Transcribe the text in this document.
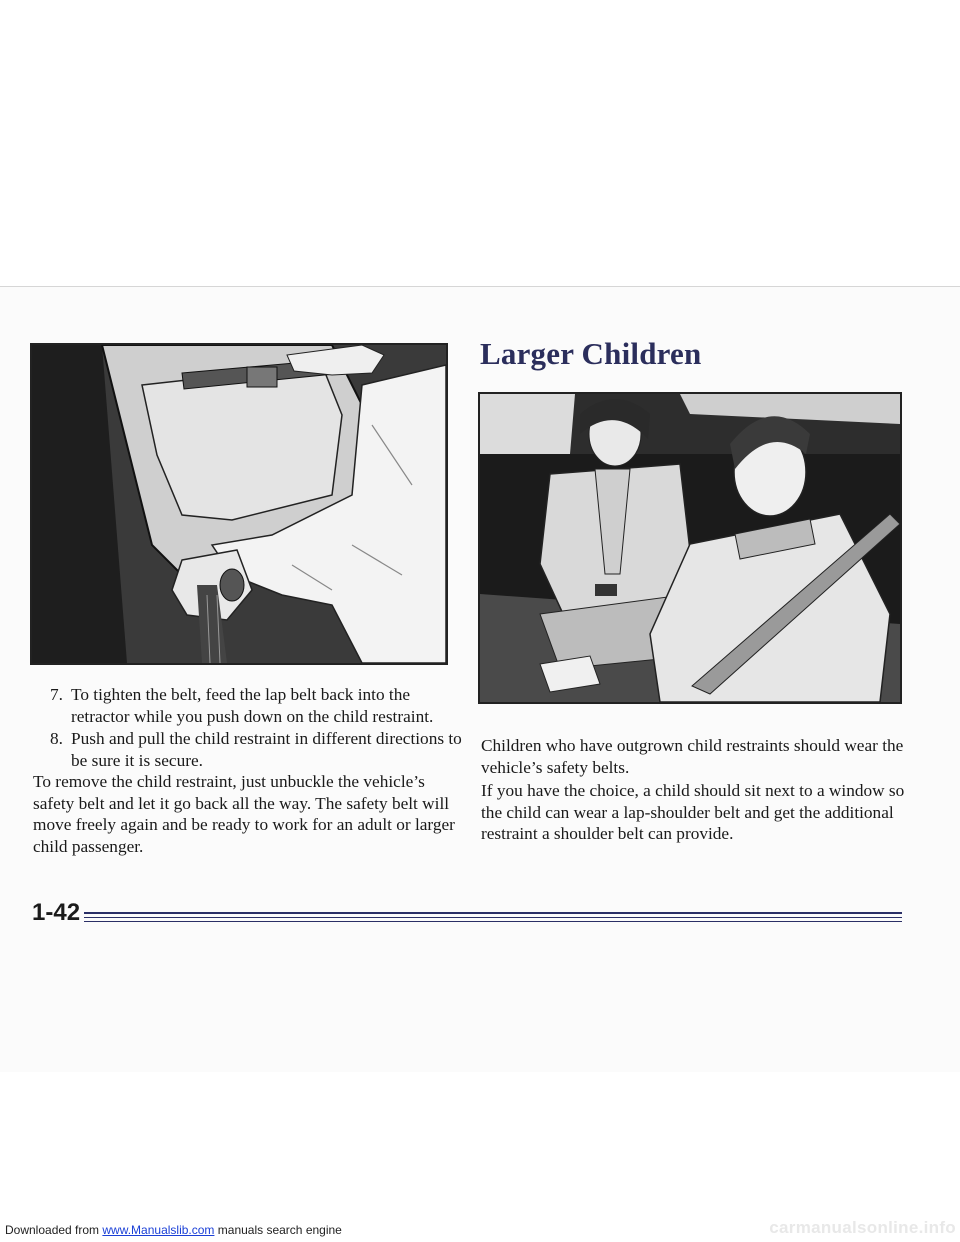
Larger Children
7. To tighten the belt, feed the lap belt back into the retractor while you push down on the child restraint.
8. Push and pull the child restraint in different directions to be sure it is secure.

To remove the child restraint, just unbuckle the vehicle’s safety belt and let it go back all the way. The safety belt will move freely again and be ready to work for an adult or larger child passenger.

Children who have outgrown child restraints should wear the vehicle’s safety belts.

If you have the choice, a child should sit next to a window so the child can wear a lap-shoulder belt and get the additional restraint a shoulder belt can provide.

1-42
Downloaded from www.Manualslib.com manuals search engine	carmanualsonline.info
